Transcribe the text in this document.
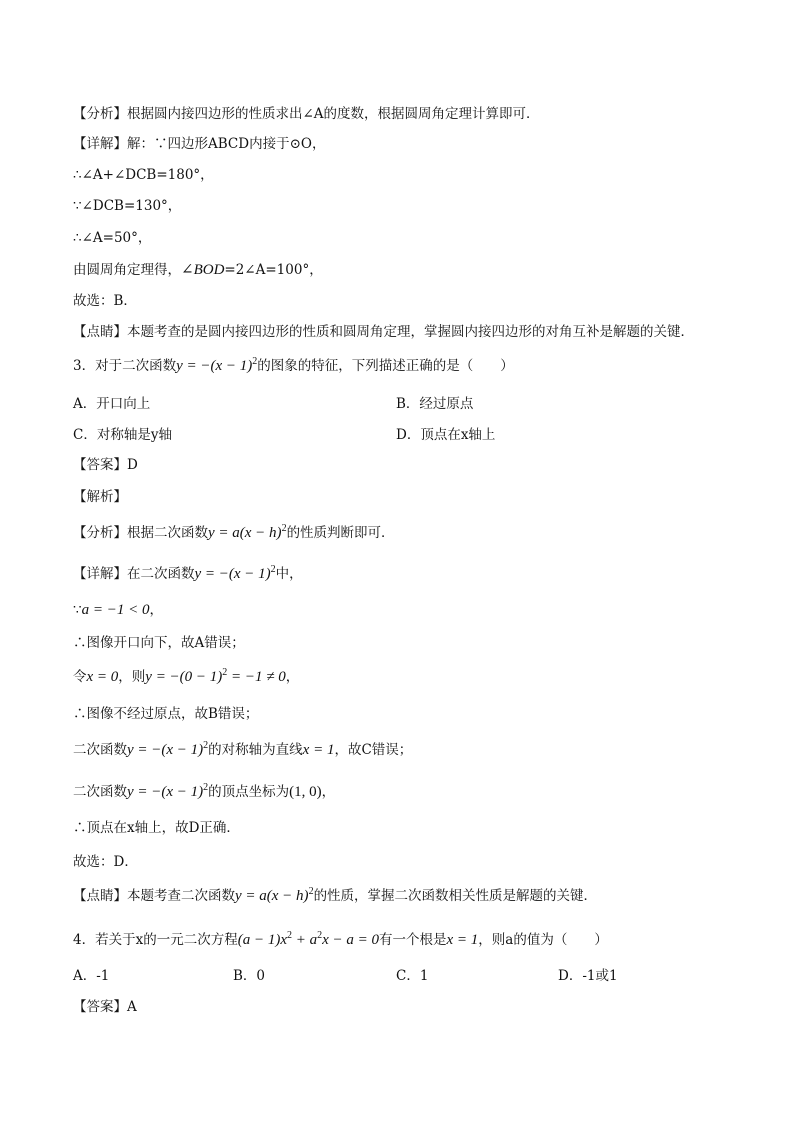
【分析】根据圆内接四边形的性质求出∠A的度数，根据圆周角定理计算即可．
【详解】解：∵四边形ABCD内接于⊙O，
∴∠A+∠DCB=180°，
∵∠DCB=130°，
∴∠A=50°，
由圆周角定理得，∠BOD=2∠A=100°，
故选：B．
【点睛】本题考查的是圆内接四边形的性质和圆周角定理，掌握圆内接四边形的对角互补是解题的关键．
3．对于二次函数$y = -(x - 1)^2$的图象的特征，下列描述正确的是（　　）
A．开口向上	B．经过原点
C．对称轴是y轴	D．顶点在x轴上
【答案】D
【解析】
【分析】根据二次函数$y = a(x - h)^2$的性质判断即可．
【详解】在二次函数$y = -(x - 1)^2$中，
∵a = −1 < 0，
∴图像开口向下，故A错误；
令x = 0，则$y = -(0 - 1)^2 = -1 \ne 0$，
∴图像不经过原点，故B错误；
二次函数$y = -(x - 1)^2$的对称轴为直线x = 1，故C错误；
二次函数$y = -(x - 1)^2$的顶点坐标为(1, 0)，
∴顶点在x轴上，故D正确．
故选：D．
【点睛】本题考查二次函数$y = a(x - h)^2$的性质，掌握二次函数相关性质是解题的关键．
4．若关于x的一元二次方程$(a - 1)x^2 + a^2x - a = 0$有一个根是x = 1，则a的值为（　　）
A．-1	B．0	C．1	D．-1或1
【答案】A
